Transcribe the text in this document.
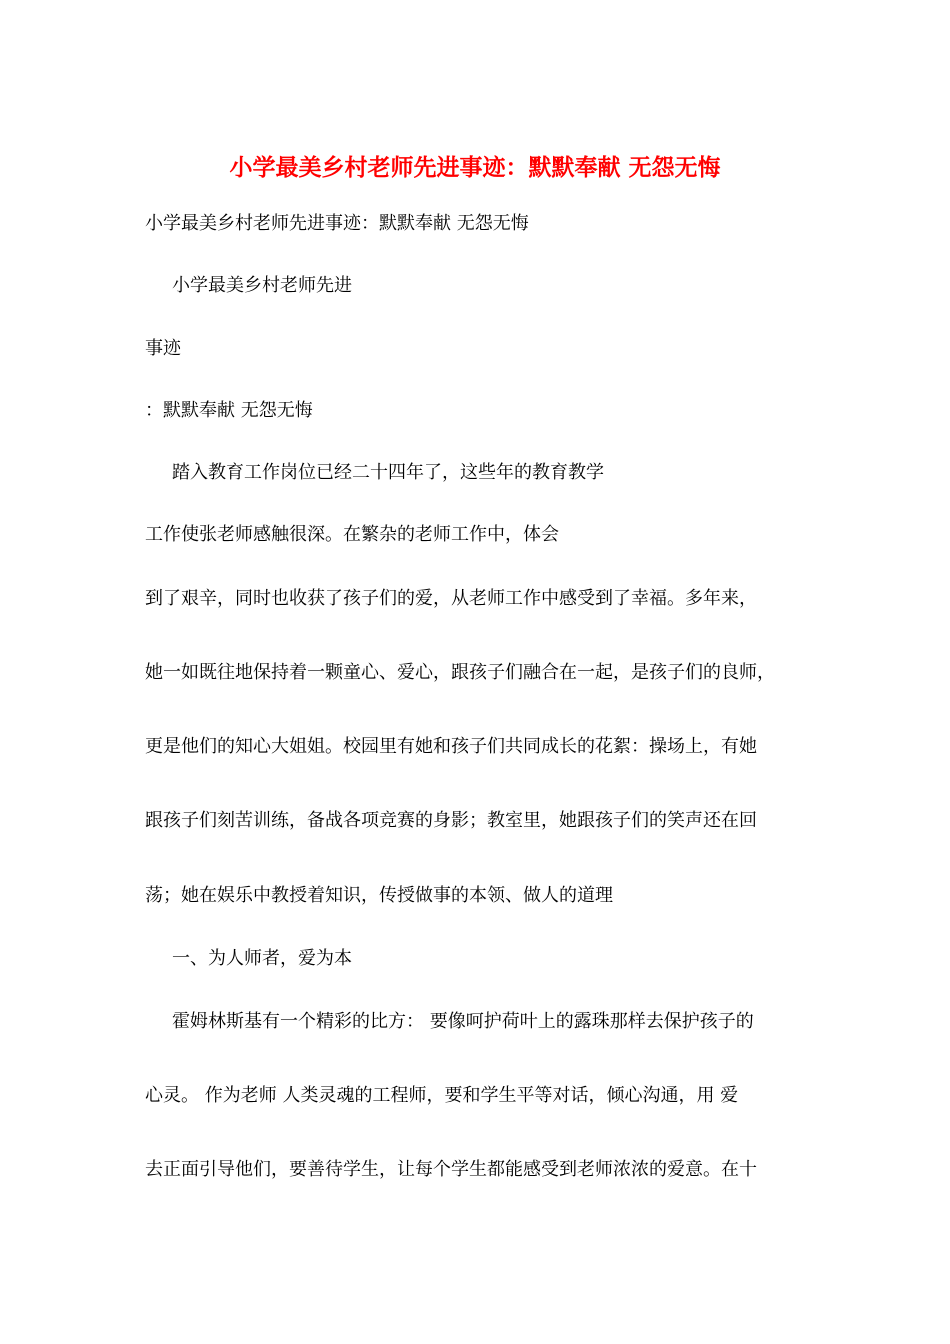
小学最美乡村老师先进事迹：默默奉献 无怨无悔

小学最美乡村老师先进事迹：默默奉献 无怨无悔

小学最美乡村老师先进

事迹

：默默奉献 无怨无悔

踏入教育工作岗位已经二十四年了，这些年的教育教学

工作使张老师感触很深。在繁杂的老师工作中，体会

到了艰辛，同时也收获了孩子们的爱，从老师工作中感受到了幸福。多年来，

她一如既往地保持着一颗童心、爱心，跟孩子们融合在一起，是孩子们的良师，

更是他们的知心大姐姐。校园里有她和孩子们共同成长的花絮：操场上，有她

跟孩子们刻苦训练，备战各项竞赛的身影；教室里，她跟孩子们的笑声还在回

荡；她在娱乐中教授着知识，传授做事的本领、做人的道理

一、为人师者，爱为本

霍姆林斯基有一个精彩的比方： 要像呵护荷叶上的露珠那样去保护孩子的

心灵。 作为老师 人类灵魂的工程师，要和学生平等对话，倾心沟通，用 爱

去正面引导他们，要善待学生，让每个学生都能感受到老师浓浓的爱意。在十
